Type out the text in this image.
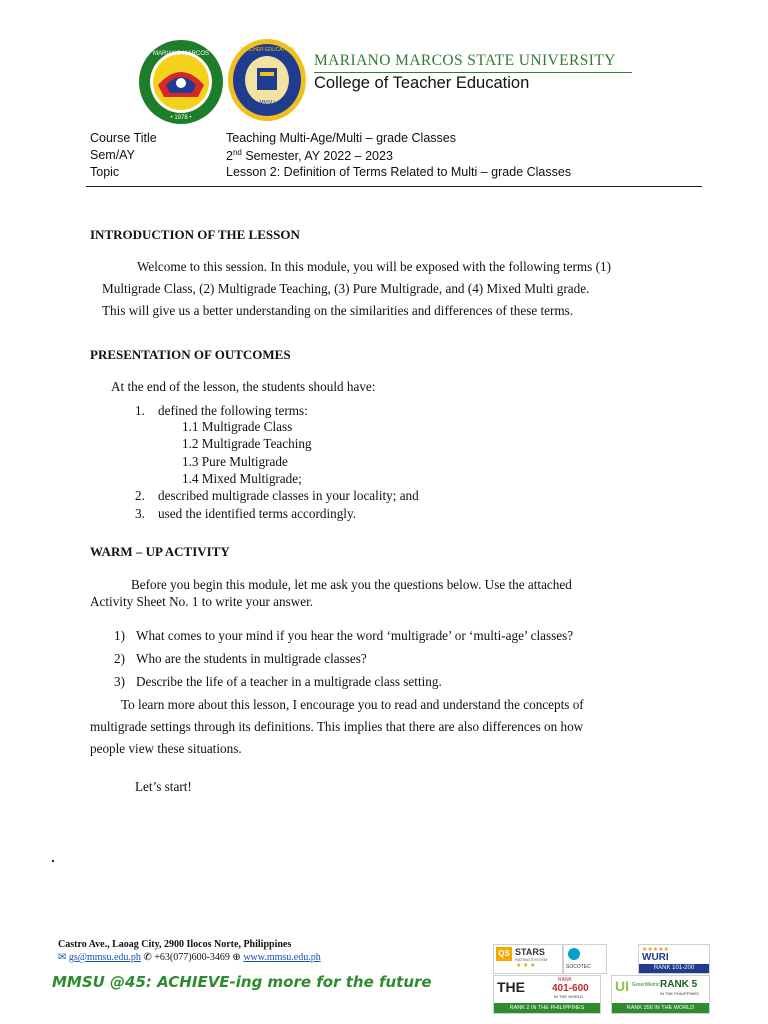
MARIANO MARCOS
• 1978 •
MMSU
TEACHER EDUCATION
MARIANO MARCOS STATE UNIVERSITY
College of Teacher Education
Course Title	Teaching Multi-Age/Multi – grade Classes
Sem/AY	2nd Semester, AY 2022 – 2023
Topic	Lesson 2: Definition of Terms Related to Multi – grade Classes
INTRODUCTION OF THE LESSON
Welcome to this session. In this module, you will be exposed with the following terms (1)
Multigrade Class, (2) Multigrade Teaching, (3) Pure Multigrade, and (4) Mixed Multi grade.
This will give us a better understanding on the similarities and differences of these terms.
PRESENTATION OF OUTCOMES
At the end of the lesson, the students should have:
1. defined the following terms:
1.1 Multigrade Class
1.2 Multigrade Teaching
1.3 Pure Multigrade
1.4 Mixed Multigrade;
2. described multigrade classes in your locality; and
3. used the identified terms accordingly.
WARM – UP ACTIVITY
Before you begin this module, let me ask you the questions below. Use the attached
Activity Sheet No. 1 to write your answer.
1) What comes to your mind if you hear the word ‘multigrade’ or ‘multi-age’ classes?
2) Who are the students in multigrade classes?
3) Describe the life of a teacher in a multigrade class setting.
To learn more about this lesson, I encourage you to read and understand the concepts of
multigrade settings through its definitions. This implies that there are also differences on how
people view these situations.
Let’s start!
Castro Ave., Laoag City, 2900 Ilocos Norte, Philippines
✉ gs@mmsu.edu.ph ✆ +63(077)600-3469 ⊕ www.mmsu.edu.ph
MMSU @45: ACHIEVE-ing more for the future
QS STARS
RATING SYSTEM
★ ★ ★	SOCOTEC
★★★★★
WURI
RANK 101-200
THE	RANK
401-600
IN THE WORLD
RANK 2 IN THE PHILIPPINES
UI GreenMetric RANK 5
IN THE PHILIPPINES
RANK 356 IN THE WORLD
